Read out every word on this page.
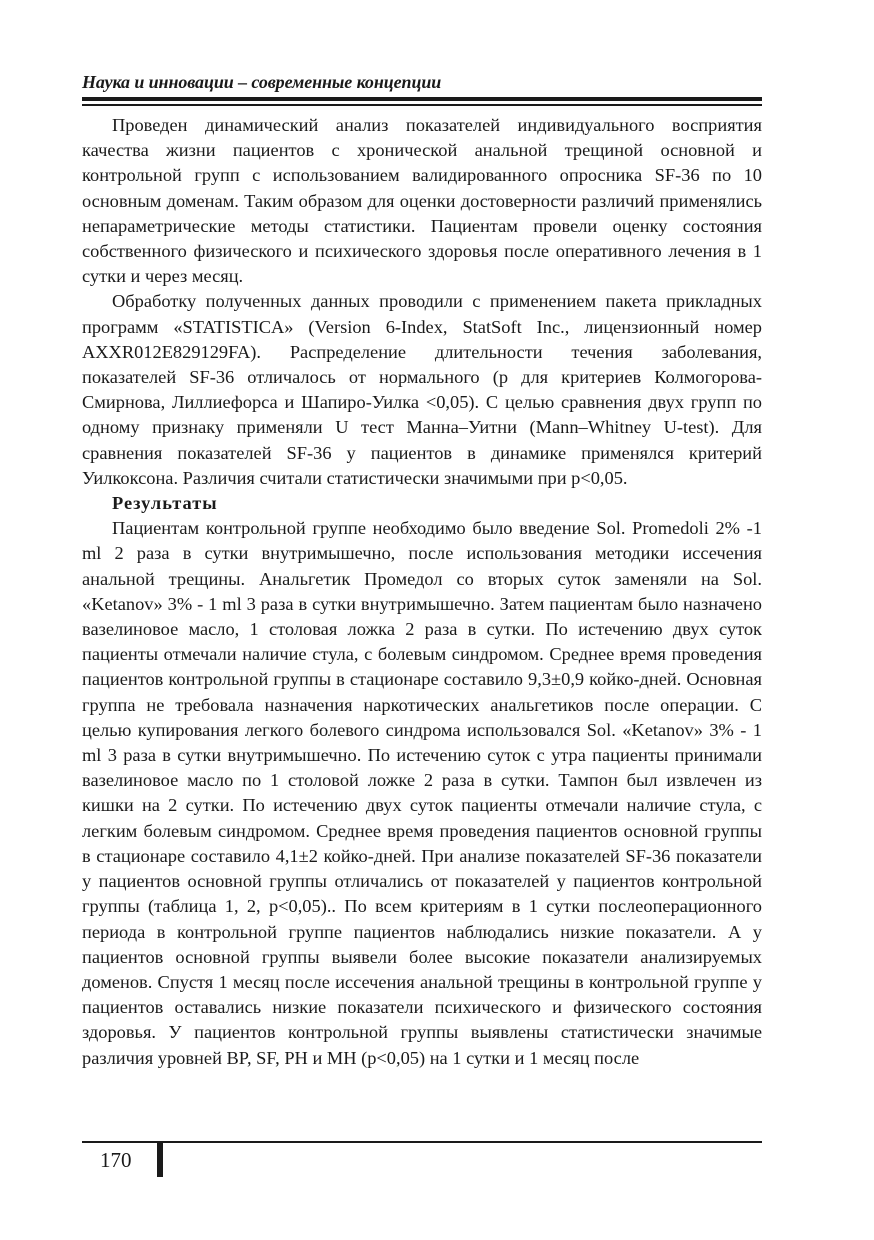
Наука и инновации – современные концепции

Проведен динамический анализ показателей индивидуального восприятия качества жизни пациентов с хронической анальной трещиной основной и контрольной групп с использованием валидированного опросника SF-36 по 10 основным доменам. Таким образом для оценки достоверности различий применялись непараметрические методы статистики. Пациентам провели оценку состояния собственного физического и психического здоровья после оперативного лечения в 1 сутки и через месяц.

Обработку полученных данных проводили с применением пакета прикладных программ «STATISTICA» (Version 6-Index, StatSoft Inc., лицензионный номер AXXR012E829129FA). Распределение длительности течения заболевания, показателей SF-36 отличалось от нормального (p для критериев Колмогорова-Смирнова, Лиллиефорса и Шапиро-Уилка <0,05). С целью сравнения двух групп по одному признаку применяли U тест Манна–Уитни (Mann–Whitney U-test). Для сравнения показателей SF-36 у пациентов в динамике применялся критерий Уилкоксона. Различия считали статистически значимыми при p<0,05.

Результаты

Пациентам контрольной группе необходимо было введение Sol. Promedoli 2% -1 ml 2 раза в сутки внутримышечно, после использования методики иссечения анальной трещины. Анальгетик Промедол со вторых суток заменяли на Sol. «Ketanov» 3% - 1 ml 3 раза в сутки внутримышечно. Затем пациентам было назначено вазелиновое масло, 1 столовая ложка 2 раза в сутки. По истечению двух суток пациенты отмечали наличие стула, с болевым синдромом. Среднее время проведения пациентов контрольной группы в стационаре составило 9,3±0,9 койко-дней. Основная группа не требовала назначения наркотических анальгетиков после операции. С целью купирования легкого болевого синдрома использовался Sol. «Ketanov» 3% - 1 ml 3 раза в сутки внутримышечно. По истечению суток с утра пациенты принимали вазелиновое масло по 1 столовой ложке 2 раза в сутки. Тампон был извлечен из кишки на 2 сутки. По истечению двух суток пациенты отмечали наличие стула, с легким болевым синдромом. Среднее время проведения пациентов основной группы в стационаре составило 4,1±2 койко-дней. При анализе показателей SF-36 показатели у пациентов основной группы отличались от показателей у пациентов контрольной группы (таблица 1, 2, p<0,05).. По всем критериям в 1 сутки послеоперационного периода в контрольной группе пациентов наблюдались низкие показатели. А у пациентов основной группы выявели более высокие показатели анализируемых доменов. Спустя 1 месяц после иссечения анальной трещины в контрольной группе у пациентов оставались низкие показатели психического и физического состояния здоровья. У пациентов контрольной группы выявлены статистически значимые различия уровней BP, SF, PH и MH (p<0,05) на 1 сутки и 1 месяц после

170
